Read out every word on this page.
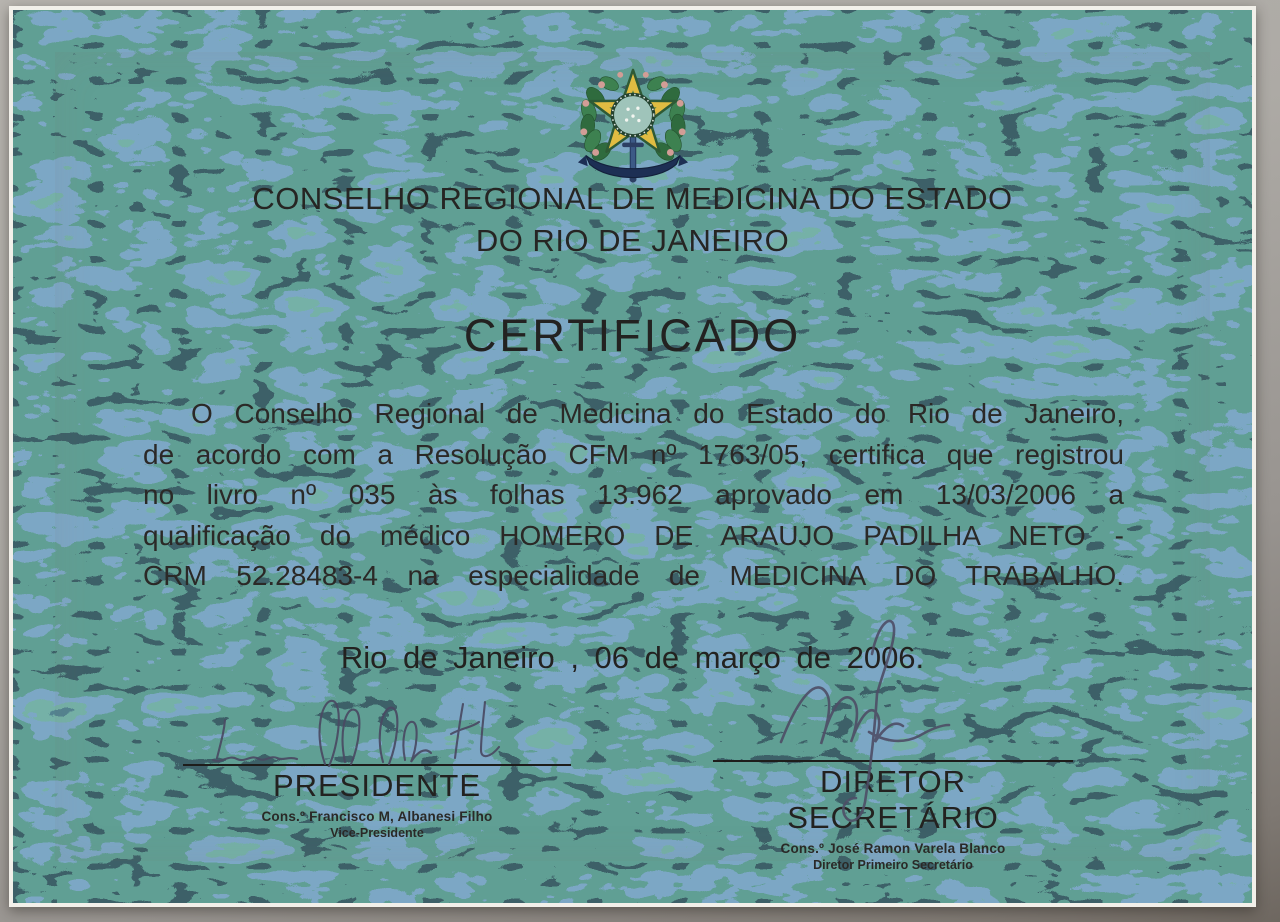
CONSELHO REGIONAL DE MEDICINA DO ESTADO
DO RIO DE JANEIRO
CERTIFICADO
O Conselho Regional de Medicina do Estado do Rio de Janeiro,
de acordo com a Resolução CFM nº 1763/05, certifica que registrou
no livro nº 035 às folhas 13.962 aprovado em 13/03/2006 a
qualificação do médico HOMERO DE ARAUJO PADILHA NETO -
CRM 52.28483-4 na especialidade de MEDICINA DO TRABALHO.
Rio de Janeiro , 06 de março de 2006.
PRESIDENTE
Cons.º Francisco M, Albanesi Filho
Vice-Presidente
DIRETOR SECRETÁRIO
Cons.º José Ramon Varela Blanco
Diretor Primeiro Secretário
